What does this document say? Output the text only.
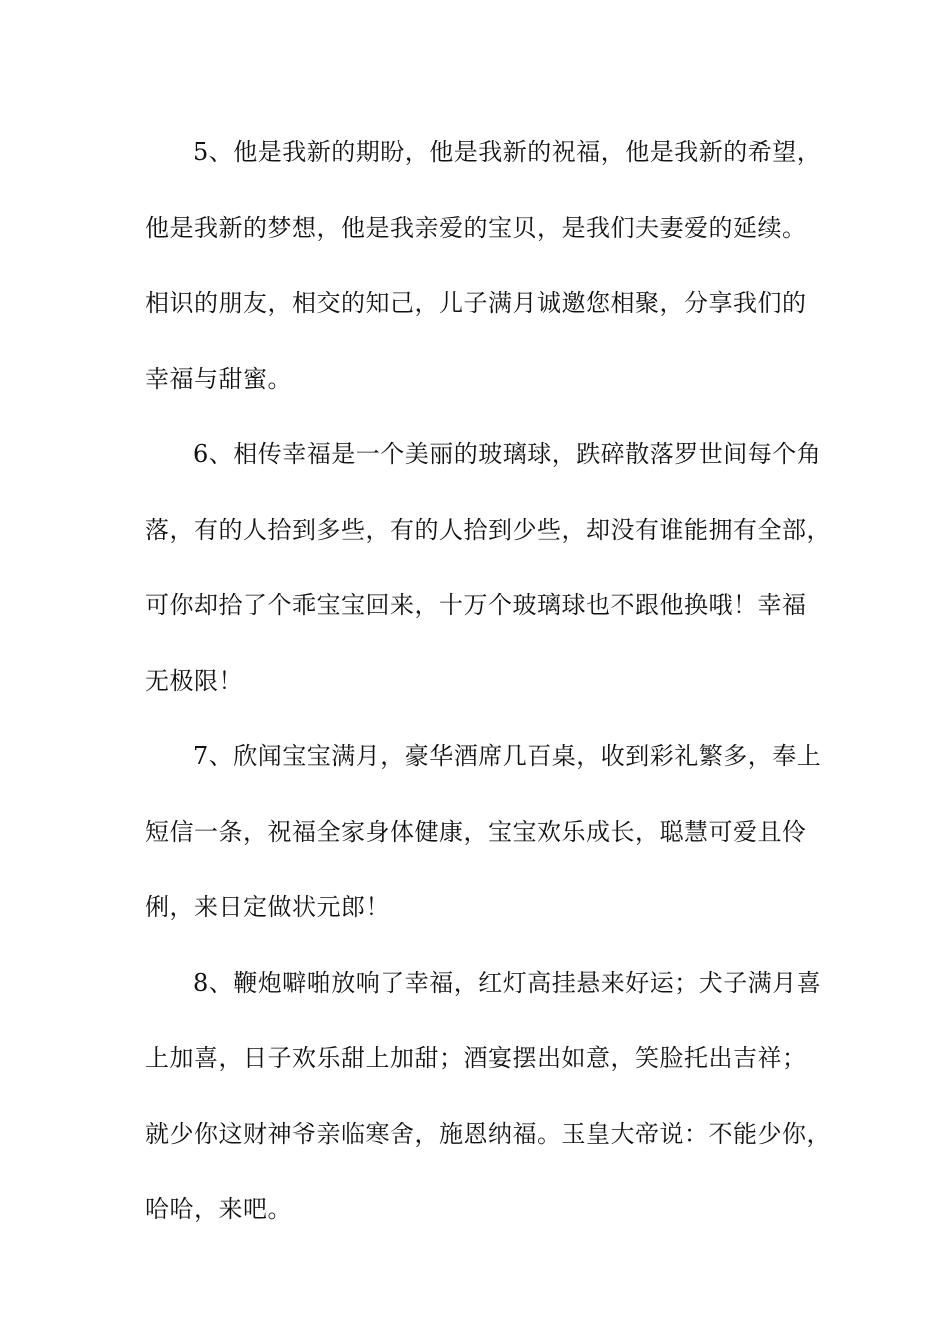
5、他是我新的期盼，他是我新的祝福，他是我新的希望，
他是我新的梦想，他是我亲爱的宝贝，是我们夫妻爱的延续。
相识的朋友，相交的知己，儿子满月诚邀您相聚，分享我们的
幸福与甜蜜。
6、相传幸福是一个美丽的玻璃球，跌碎散落罗世间每个角
落，有的人拾到多些，有的人拾到少些，却没有谁能拥有全部，
可你却拾了个乖宝宝回来，十万个玻璃球也不跟他换哦！幸福
无极限！
7、欣闻宝宝满月，豪华酒席几百桌，收到彩礼繁多，奉上
短信一条，祝福全家身体健康，宝宝欢乐成长，聪慧可爱且伶
俐，来日定做状元郎！
8、鞭炮噼啪放响了幸福，红灯高挂悬来好运；犬子满月喜
上加喜，日子欢乐甜上加甜；酒宴摆出如意，笑脸托出吉祥；
就少你这财神爷亲临寒舍，施恩纳福。玉皇大帝说：不能少你，
哈哈，来吧。
